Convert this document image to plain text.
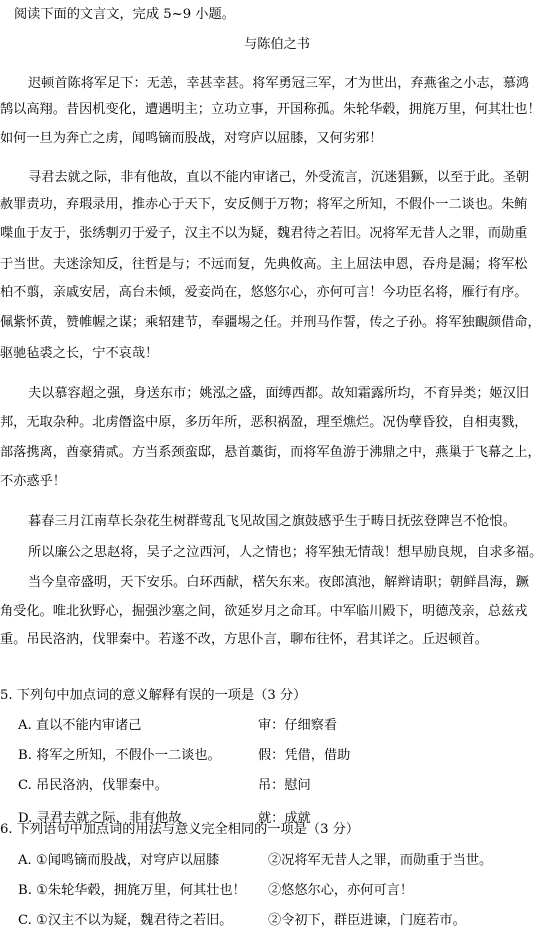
阅读下面的文言文，完成 5~9 小题。
与陈伯之书
迟顿首陈将军足下：无恙，幸甚幸甚。将军勇冠三军，才为世出，弃燕雀之小志，慕鸿
鹄以高翔。昔因机变化，遭遇明主；立功立事，开国称孤。朱轮华毂，拥旄万里，何其壮也！
如何一旦为奔亡之虏，闻鸣镝而股战，对穹庐以屈膝，又何劣邪！
寻君去就之际，非有他故，直以不能内审诸己，外受流言，沉迷猖獗，以至于此。圣朝
赦罪责功，弃瑕录用，推赤心于天下，安反侧于万物；将军之所知，不假仆一二谈也。朱鲔
喋血于友于，张绣剸刃于爱子，汉主不以为疑，魏君待之若旧。况将军无昔人之罪，而勋重
于当世。夫迷涂知反，往哲是与；不远而复，先典攸高。主上屈法申恩，吞舟是漏；将军松
柏不翦，亲戚安居，高台未倾，爱妾尚在，悠悠尔心，亦何可言！今功臣名将，雁行有序。
佩紫怀黄，赞帷幄之谋；乘轺建节，奉疆埸之任。并刑马作誓，传之子孙。将军独靦颜借命，
驱驰毡裘之长，宁不哀哉！
夫以慕容超之强，身送东市；姚泓之盛，面缚西都。故知霜露所均，不育异类；姬汉旧
邦，无取杂种。北虏僭盗中原，多历年所，恶积祸盈，理至燋烂。况伪孽昏狡，自相夷戮，
部落携离，酋豪猜贰。方当系颈蛮邸，悬首藁街，而将军鱼游于沸鼎之中，燕巢于飞幕之上，
不亦惑乎！
暮春三月江南草长杂花生树群莺乱飞见故国之旗鼓感乎生于畴日抚弦登陴岂不怆悢。
所以廉公之思赵将，吴子之泣西河，人之情也；将军独无情哉！想早励良规，自求多福。
当今皇帝盛明，天下安乐。白环西献，楛矢东来。夜郎滇池，解辫请职；朝鲜昌海，蹶
角受化。唯北狄野心，掘强沙塞之间，欲延岁月之命耳。中军临川殿下，明德茂亲，总兹戎
重。吊民洛汭，伐罪秦中。若遂不改，方思仆言，聊布往怀，君其详之。丘迟顿首。
5. 下列句中加点词的意义解释有误的一项是（3 分）
A. 直以不能内审诸己	审：仔细察看
B. 将军之所知，不假仆一二谈也。	假：凭借，借助
C. 吊民洛汭，伐罪秦中。	吊：慰问
D. 寻君去就之际，非有他故	就：成就
6. 下列语句中加点词的用法与意义完全相同的一项是（3 分）
A. ①闻鸣镝而股战，对穹庐以屈膝	②况将军无昔人之罪，而勋重于当世。
B. ①朱轮华毂，拥旄万里，何其壮也！	②悠悠尔心，亦何可言！
C. ①汉主不以为疑，魏君待之若旧。	②令初下，群臣进谏，门庭若市。
